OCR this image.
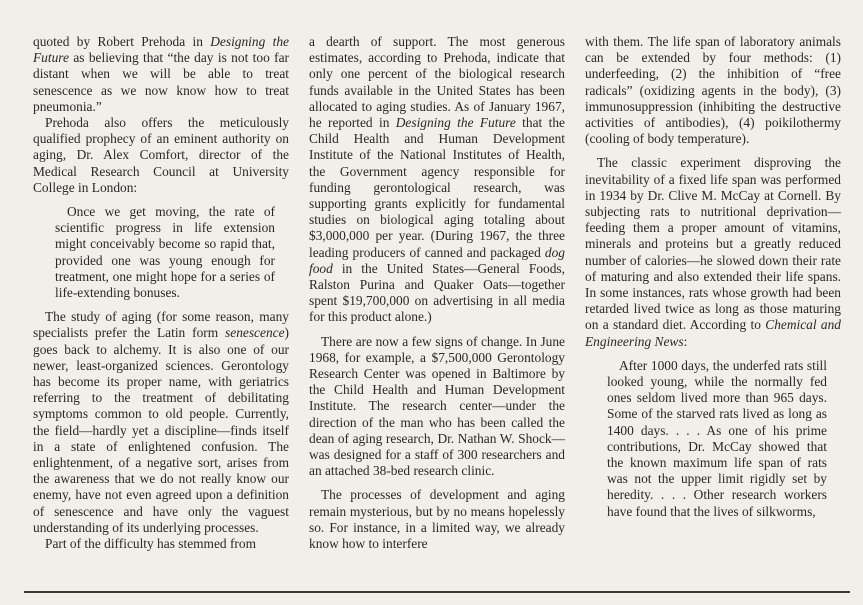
quoted by Robert Prehoda in Designing the Future as believing that “the day is not too far distant when we will be able to treat senescence as we now know how to treat pneumonia.”

Prehoda also offers the meticulously qualified prophecy of an eminent authority on aging, Dr. Alex Comfort, director of the Medical Research Council at University College in London:

Once we get moving, the rate of scientific progress in life extension might conceivably become so rapid that, provided one was young enough for treatment, one might hope for a series of life-extending bonuses.

The study of aging (for some reason, many specialists prefer the Latin form senescence) goes back to alchemy. It is also one of our newer, least-organized sciences. Gerontology has become its proper name, with geriatrics referring to the treatment of debilitating symptoms common to old people. Currently, the field—hardly yet a discipline—finds itself in a state of enlightened confusion. The enlightenment, of a negative sort, arises from the awareness that we do not really know our enemy, have not even agreed upon a definition of senescence and have only the vaguest understanding of its underlying processes.

Part of the difficulty has stemmed from

a dearth of support. The most generous estimates, according to Prehoda, indicate that only one percent of the biological research funds available in the United States has been allocated to aging studies. As of January 1967, he reported in Designing the Future that the Child Health and Human Development Institute of the National Institutes of Health, the Government agency responsible for funding gerontological research, was supporting grants explicitly for fundamental studies on biological aging totaling about $3,000,000 per year. (During 1967, the three leading producers of canned and packaged dog food in the United States—General Foods, Ralston Purina and Quaker Oats—together spent $19,700,000 on advertising in all media for this product alone.)

There are now a few signs of change. In June 1968, for example, a $7,500,000 Gerontology Research Center was opened in Baltimore by the Child Health and Human Development Institute. The research center—under the direction of the man who has been called the dean of aging research, Dr. Nathan W. Shock—was designed for a staff of 300 researchers and an attached 38-bed research clinic.

The processes of development and aging remain mysterious, but by no means hopelessly so. For instance, in a limited way, we already know how to interfere

with them. The life span of laboratory animals can be extended by four methods: (1) underfeeding, (2) the inhibition of “free radicals” (oxidizing agents in the body), (3) immunosuppression (inhibiting the destructive activities of antibodies), (4) poikilothermy (cooling of body temperature).

The classic experiment disproving the inevitability of a fixed life span was performed in 1934 by Dr. Clive M. McCay at Cornell. By subjecting rats to nutritional deprivation—feeding them a proper amount of vitamins, minerals and proteins but a greatly reduced number of calories—he slowed down their rate of maturing and also extended their life spans. In some instances, rats whose growth had been retarded lived twice as long as those maturing on a standard diet. According to Chemical and Engineering News:

After 1000 days, the underfed rats still looked young, while the normally fed ones seldom lived more than 965 days. Some of the starved rats lived as long as 1400 days. . . . As one of his prime contributions, Dr. McCay showed that the known maximum life span of rats was not the upper limit rigidly set by heredity. . . . Other research workers have found that the lives of silkworms,
